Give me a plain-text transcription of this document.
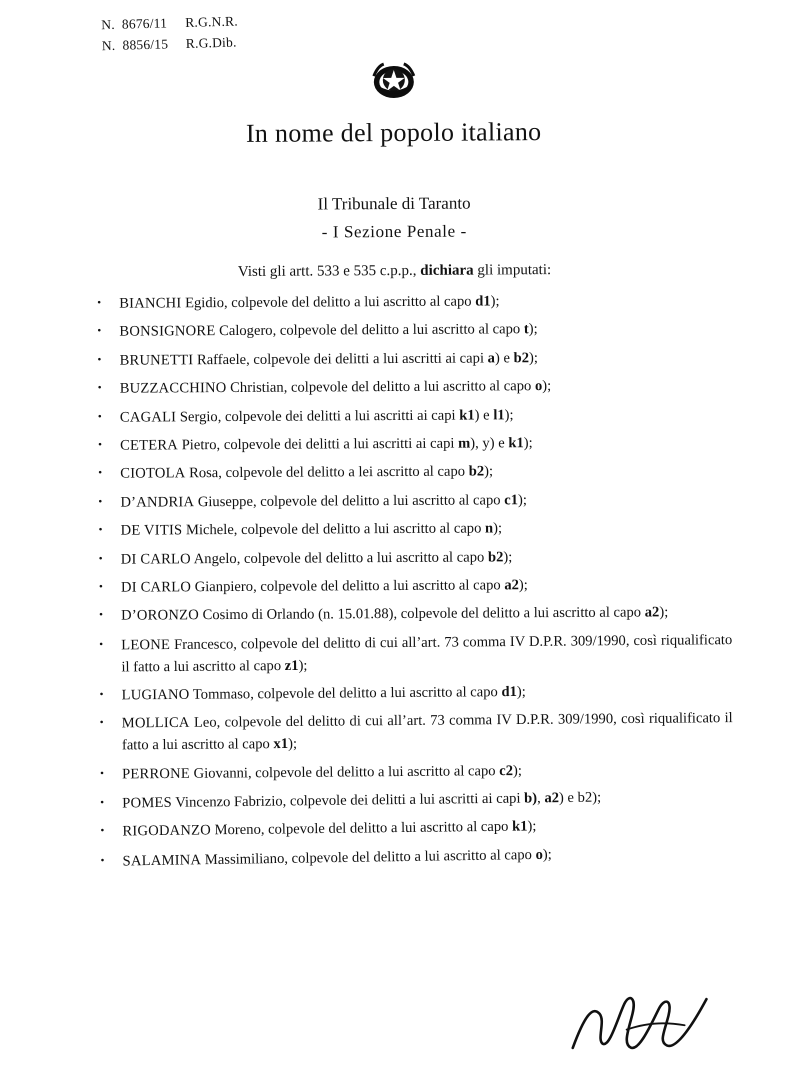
N.  8676/11 R.G.N.R.
N.  8856/15 R.G.Dib.
In nome del popolo italiano
Il Tribunale di Taranto
- I Sezione Penale -
Visti gli artt. 533 e 535 c.p.p., dichiara gli imputati:
• BIANCHI Egidio, colpevole del delitto a lui ascritto al capo d1);
• BONSIGNORE Calogero, colpevole del delitto a lui ascritto al capo t);
• BRUNETTI Raffaele, colpevole dei delitti a lui ascritti ai capi a) e b2);
• BUZZACCHINO Christian, colpevole del delitto a lui ascritto al capo o);
• CAGALI Sergio, colpevole dei delitti a lui ascritti ai capi k1) e l1);
• CETERA Pietro, colpevole dei delitti a lui ascritti ai capi m), y) e k1);
• CIOTOLA Rosa, colpevole del delitto a lei ascritto al capo b2);
• D’ANDRIA Giuseppe, colpevole del delitto a lui ascritto al capo c1);
• DE VITIS Michele, colpevole del delitto a lui ascritto al capo n);
• DI CARLO Angelo, colpevole del delitto a lui ascritto al capo b2);
• DI CARLO Gianpiero, colpevole del delitto a lui ascritto al capo a2);
• D’ORONZO Cosimo di Orlando (n. 15.01.88), colpevole del delitto a lui ascritto al capo a2);
• LEONE Francesco, colpevole del delitto di cui all’art. 73 comma IV D.P.R. 309/1990, così riqualificato il fatto a lui ascritto al capo z1);
• LUGIANO Tommaso, colpevole del delitto a lui ascritto al capo d1);
• MOLLICA Leo, colpevole del delitto di cui all’art. 73 comma IV D.P.R. 309/1990, così riqualificato il fatto a lui ascritto al capo x1);
• PERRONE Giovanni, colpevole del delitto a lui ascritto al capo c2);
• POMES Vincenzo Fabrizio, colpevole dei delitti a lui ascritti ai capi b), a2) e b2);
• RIGODANZO Moreno, colpevole del delitto a lui ascritto al capo k1);
• SALAMINA Massimiliano, colpevole del delitto a lui ascritto al capo o);
